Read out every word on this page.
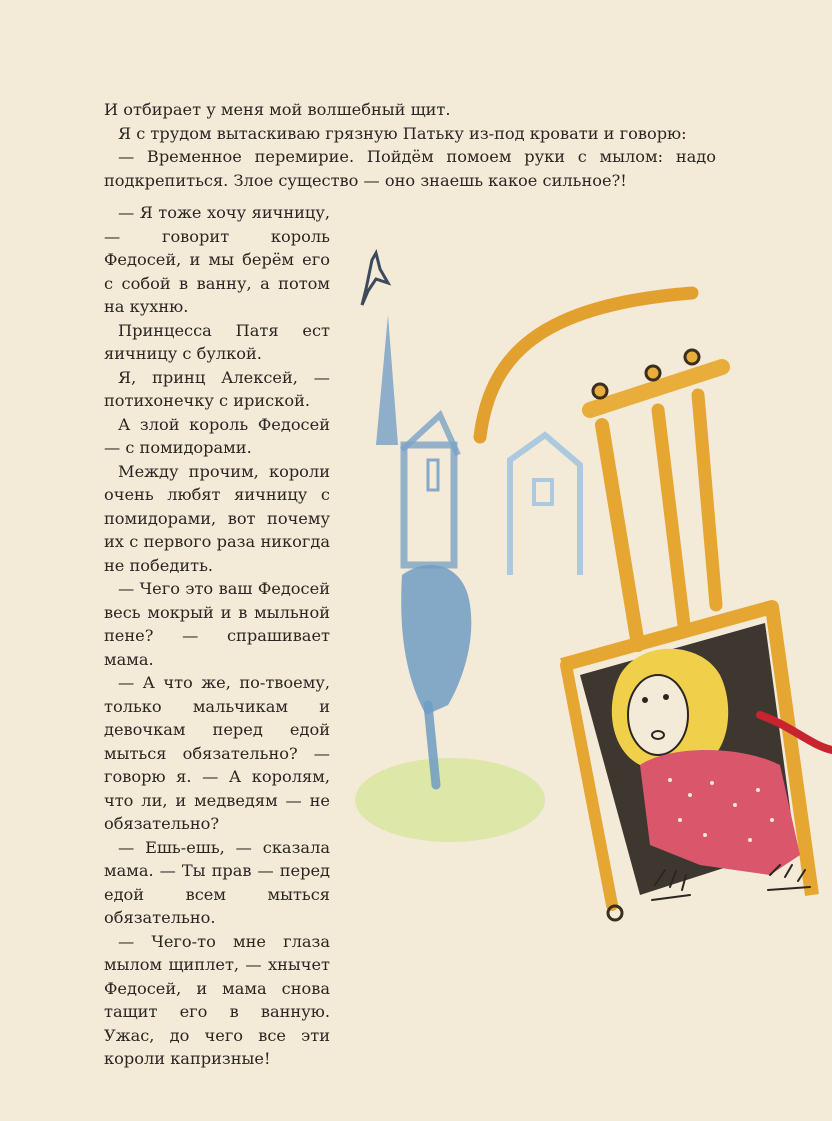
И отбирает у меня мой волшебный щит.

Я с трудом вытаскиваю грязную Патьку из-под кровати и говорю:

— Временное перемирие. Пойдём помоем руки с мылом: надо подкрепиться. Злое существо — оно знаешь какое сильное?!

— Я тоже хочу яичницу, — говорит король Федосей, и мы берём его с собой в ванну, а потом на кухню.

Принцесса Патя ест яичницу с булкой.

Я, принц Алексей, — потихонечку с ириской.

А злой король Федосей — с помидорами.

Между прочим, короли очень любят яичницу с помидорами, вот почему их с первого раза никогда не победить.

— Чего это ваш Федосей весь мокрый и в мыльной пене? — спрашивает мама.

— А что же, по-твоему, только мальчикам и девочкам перед едой мыться обязательно? — говорю я. — А королям, что ли, и медведям — не обязательно?

— Ешь-ешь, — сказала мама. — Ты прав — перед едой всем мыться обязательно.

— Чего-то мне глаза мылом щиплет, — хнычет Федосей, и мама снова тащит его в ванную. Ужас, до чего все эти короли капризные!
